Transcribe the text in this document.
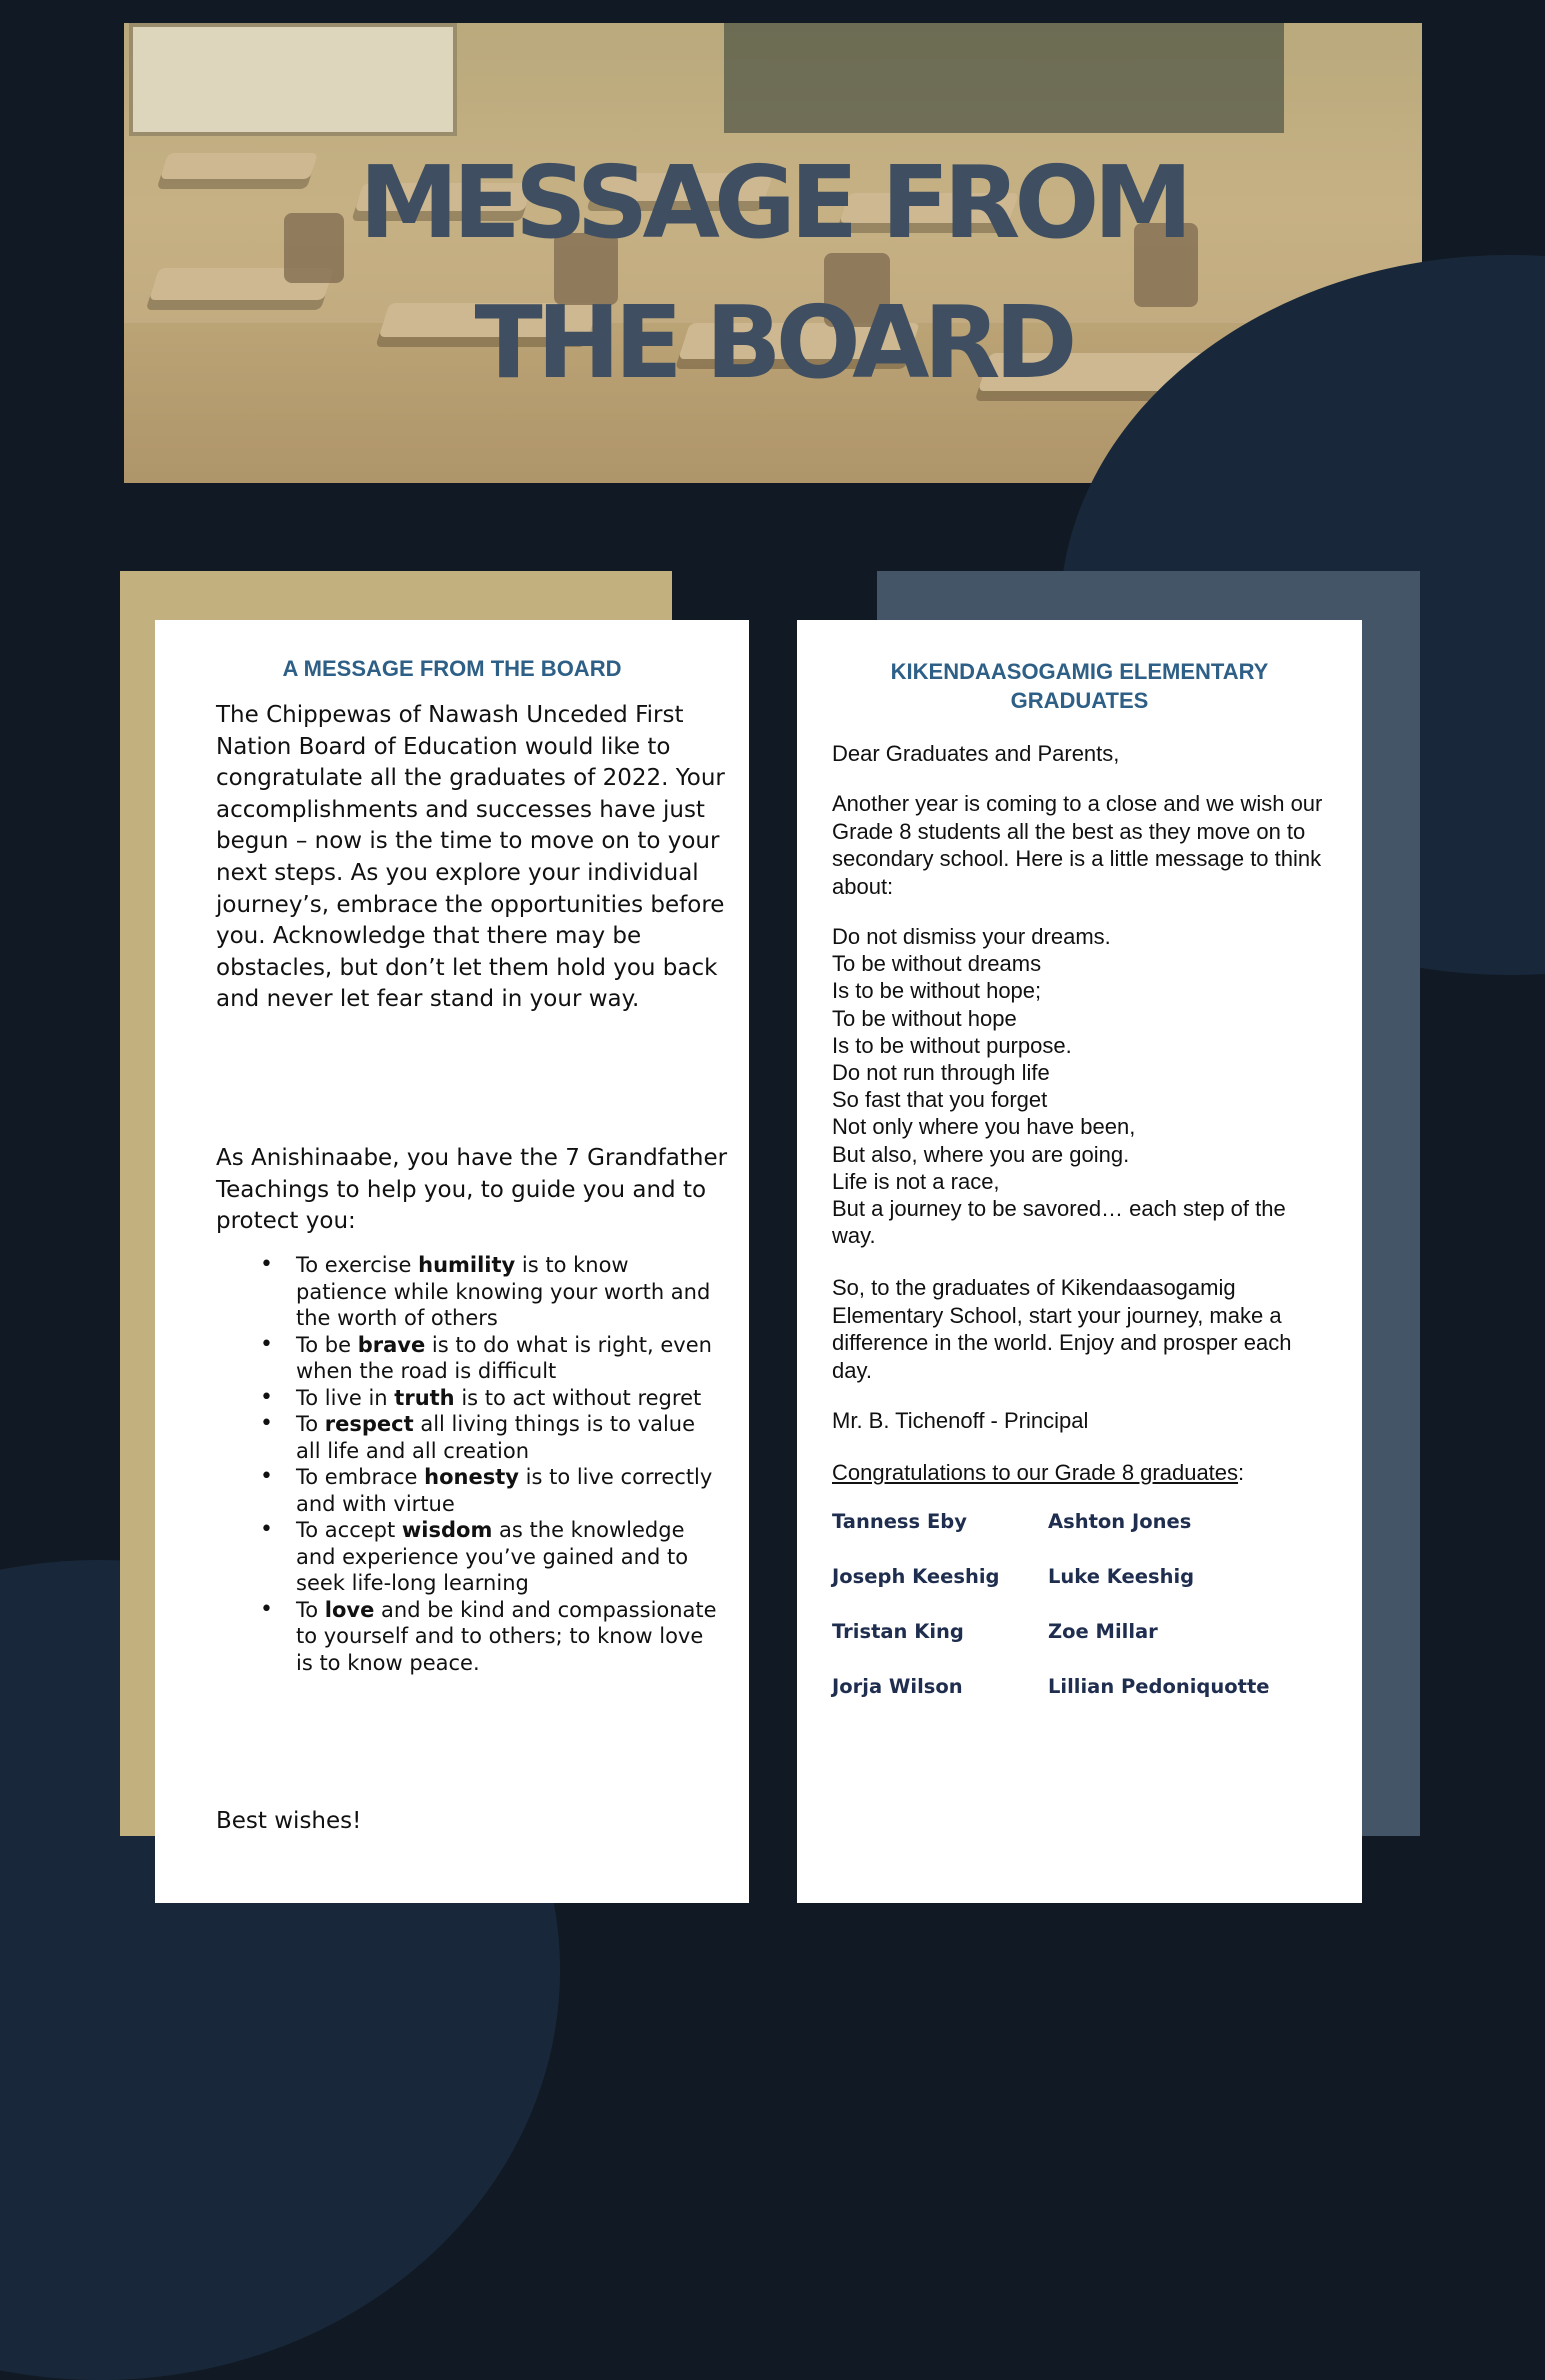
MESSAGE FROM
THE BOARD
A MESSAGE FROM THE BOARD

The Chippewas of Nawash Unceded First Nation Board of Education would like to congratulate all the graduates of 2022. Your accomplishments and successes have just begun – now is the time to move on to your next steps. As you explore your individual journey’s, embrace the opportunities before you. Acknowledge that there may be obstacles, but don’t let them hold you back and never let fear stand in your way.

As Anishinaabe, you have the 7 Grandfather Teachings to help you, to guide you and to protect you:

• To exercise humility is to know patience while knowing your worth and the worth of others
• To be brave is to do what is right, even when the road is difficult
• To live in truth is to act without regret
• To respect all living things is to value all life and all creation
• To embrace honesty is to live correctly and with virtue
• To accept wisdom as the knowledge and experience you’ve gained and to seek life-long learning
• To love and be kind and compassionate to yourself and to others; to know love is to know peace.

Best wishes!

KIKENDAASOGAMIG ELEMENTARY GRADUATES

Dear Graduates and Parents,

Another year is coming to a close and we wish our Grade 8 students all the best as they move on to secondary school. Here is a little message to think about:

Do not dismiss your dreams.
To be without dreams
Is to be without hope;
To be without hope
Is to be without purpose.
Do not run through life
So fast that you forget
Not only where you have been,
But also, where you are going.
Life is not a race,
But a journey to be savored… each step of the way.

So, to the graduates of Kikendaasogamig Elementary School, start your journey, make a difference in the world. Enjoy and prosper each day.

Mr. B. Tichenoff - Principal

Congratulations to our Grade 8 graduates:

Tanness Eby	Ashton Jones
Joseph Keeshig	Luke Keeshig
Tristan King	Zoe Millar
Jorja Wilson	Lillian Pedoniquotte
